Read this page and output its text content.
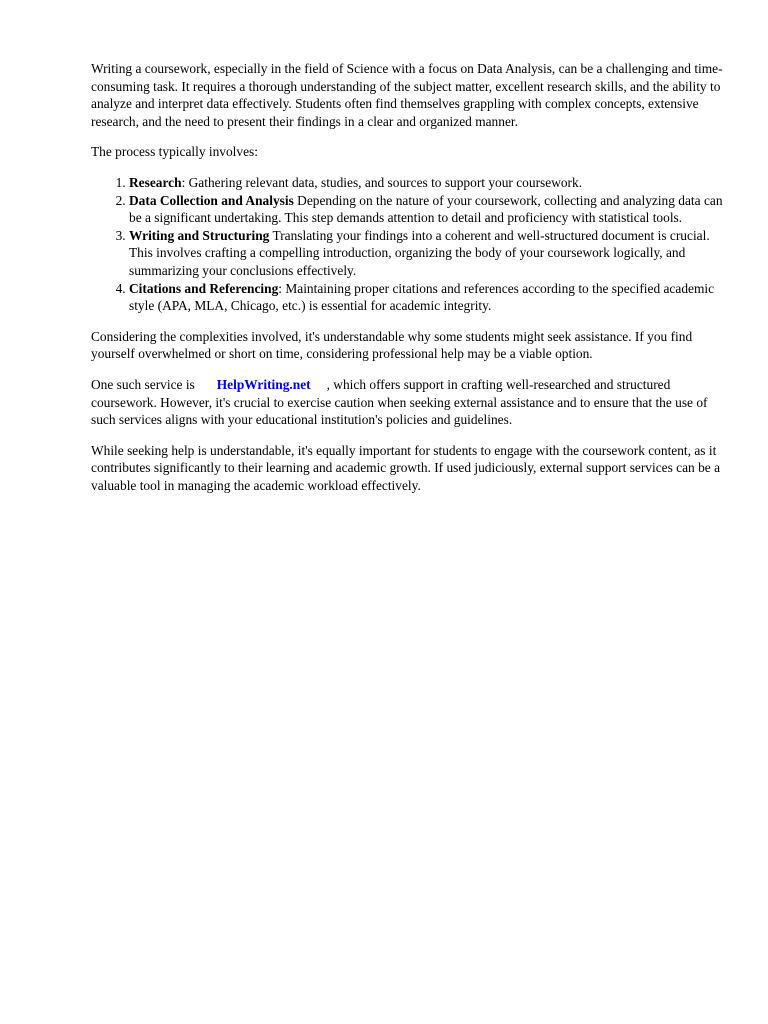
Writing a coursework, especially in the field of Science with a focus on Data Analysis, can be a challenging and time-consuming task. It requires a thorough understanding of the subject matter, excellent research skills, and the ability to analyze and interpret data effectively. Students often find themselves grappling with complex concepts, extensive research, and the need to present their findings in a clear and organized manner.

The process typically involves:

1. Research: Gathering relevant data, studies, and sources to support your coursework.
2. Data Collection and Analysis Depending on the nature of your coursework, collecting and analyzing data can be a significant undertaking. This step demands attention to detail and proficiency with statistical tools.
3. Writing and Structuring Translating your findings into a coherent and well-structured document is crucial. This involves crafting a compelling introduction, organizing the body of your coursework logically, and summarizing your conclusions effectively.
4. Citations and Referencing: Maintaining proper citations and references according to the specified academic style (APA, MLA, Chicago, etc.) is essential for academic integrity.

Considering the complexities involved, it's understandable why some students might seek assistance. If you find yourself overwhelmed or short on time, considering professional help may be a viable option.

One such service is HelpWriting.net , which offers support in crafting well-researched and structured coursework. However, it's crucial to exercise caution when seeking external assistance and to ensure that the use of such services aligns with your educational institution's policies and guidelines.

While seeking help is understandable, it's equally important for students to engage with the coursework content, as it contributes significantly to their learning and academic growth. If used judiciously, external support services can be a valuable tool in managing the academic workload effectively.
